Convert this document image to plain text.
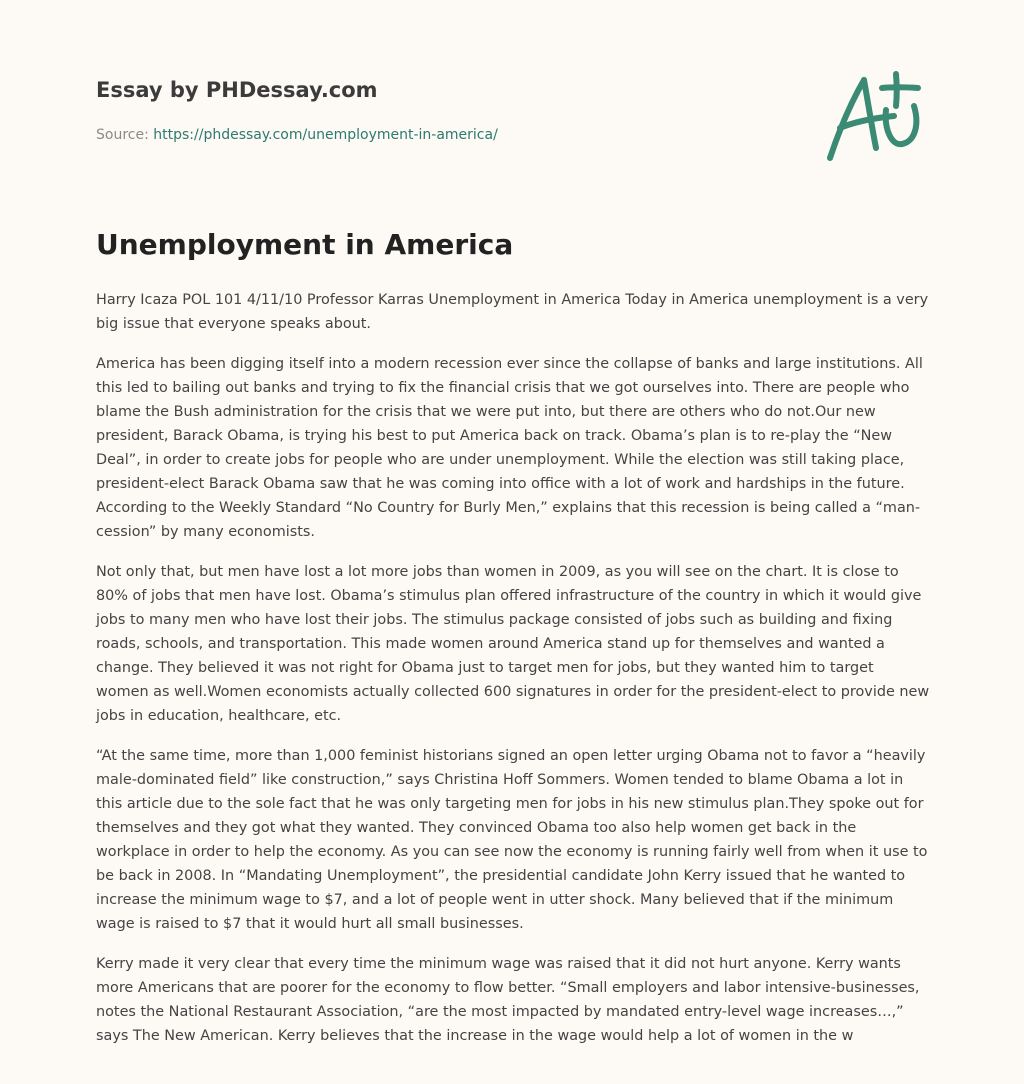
Essay by PHDessay.com
Source: https://phdessay.com/unemployment-in-america/
Unemployment in America

Harry Icaza POL 101 4/11/10 Professor Karras Unemployment in America Today in America unemployment is a very big issue that everyone speaks about.

America has been digging itself into a modern recession ever since the collapse of banks and large institutions. All this led to bailing out banks and trying to fix the financial crisis that we got ourselves into. There are people who blame the Bush administration for the crisis that we were put into, but there are others who do not.Our new president, Barack Obama, is trying his best to put America back on track. Obama’s plan is to re-play the “New Deal”, in order to create jobs for people who are under unemployment. While the election was still taking place, president-elect Barack Obama saw that he was coming into office with a lot of work and hardships in the future. According to the Weekly Standard “No Country for Burly Men,” explains that this recession is being called a “man-cession” by many economists.

Not only that, but men have lost a lot more jobs than women in 2009, as you will see on the chart. It is close to 80% of jobs that men have lost. Obama’s stimulus plan offered infrastructure of the country in which it would give jobs to many men who have lost their jobs. The stimulus package consisted of jobs such as building and fixing roads, schools, and transportation. This made women around America stand up for themselves and wanted a change. They believed it was not right for Obama just to target men for jobs, but they wanted him to target women as well.Women economists actually collected 600 signatures in order for the president-elect to provide new jobs in education, healthcare, etc.

“At the same time, more than 1,000 feminist historians signed an open letter urging Obama not to favor a “heavily male-dominated field” like construction,” says Christina Hoff Sommers. Women tended to blame Obama a lot in this article due to the sole fact that he was only targeting men for jobs in his new stimulus plan.They spoke out for themselves and they got what they wanted. They convinced Obama too also help women get back in the workplace in order to help the economy. As you can see now the economy is running fairly well from when it use to be back in 2008. In “Mandating Unemployment”, the presidential candidate John Kerry issued that he wanted to increase the minimum wage to $7, and a lot of people went in utter shock. Many believed that if the minimum wage is raised to $7 that it would hurt all small businesses.

Kerry made it very clear that every time the minimum wage was raised that it did not hurt anyone. Kerry wants more Americans that are poorer for the economy to flow better. “Small employers and labor intensive-businesses, notes the National Restaurant Association, “are the most impacted by mandated entry-level wage increases…,” says The New American. Kerry believes that the increase in the wage would help a lot of women in the w
